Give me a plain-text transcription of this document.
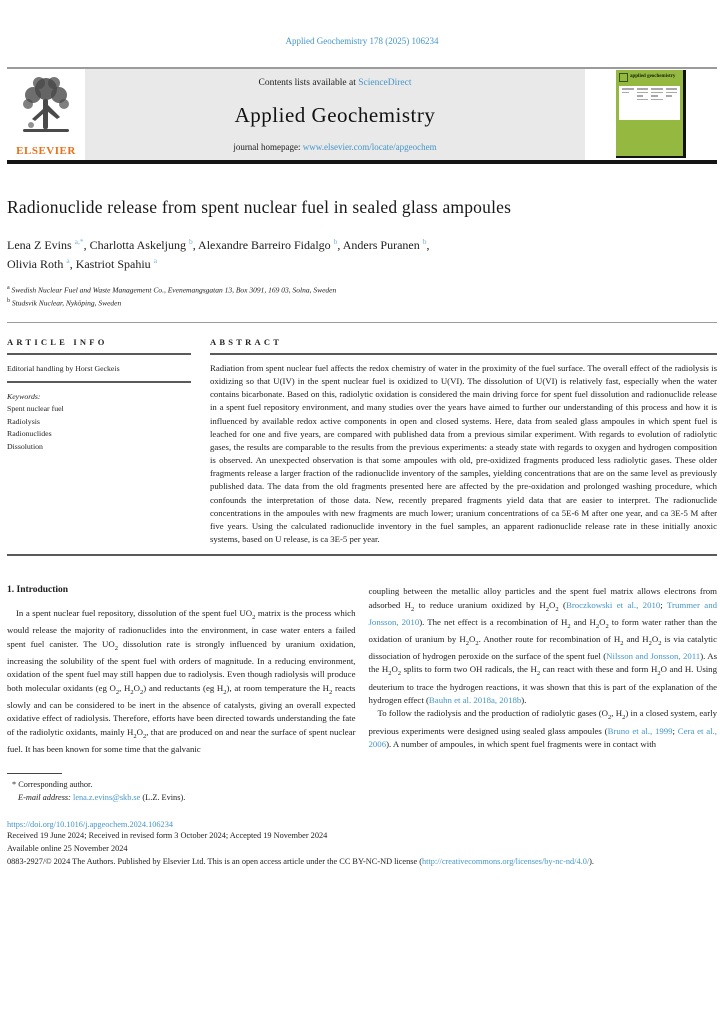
Applied Geochemistry 178 (2025) 106234
ELSEVIER
Contents lists available at ScienceDirect
Applied Geochemistry
journal homepage: www.elsevier.com/locate/apgeochem
applied geochemistry
Radionuclide release from spent nuclear fuel in sealed glass ampoules
Lena Z Evins $^{a,*}$, Charlotta Askeljung $^b$, Alexandre Barreiro Fidalgo $^b$, Anders Puranen $^b$,
Olivia Roth $^a$, Kastriot Spahiu $^a$
$^a$ Swedish Nuclear Fuel and Waste Management Co., Evenemangsgatan 13, Box 3091, 169 03, Solna, Sweden
$^b$ Studsvik Nuclear, Nyköping, Sweden
ARTICLE INFO
Editorial handling by Horst Geckeis
Keywords:
Spent nuclear fuel
Radiolysis
Radionuclides
Dissolution
ABSTRACT

Radiation from spent nuclear fuel affects the redox chemistry of water in the proximity of the fuel surface. The overall effect of the radiolysis is oxidizing so that U(IV) in the spent nuclear fuel is oxidized to U(VI). The dissolution of U(VI) is relatively fast, especially when the water contains bicarbonate. Based on this, radiolytic oxidation is considered the main driving force for spent fuel dissolution and radionuclide release in a spent fuel repository environment, and many studies over the years have aimed to further our understanding of this process and how it is influenced by available redox active components in open and closed systems. Here, data from sealed glass ampoules in which spent fuel is leached for one and five years, are compared with published data from a previous similar experiment. With regards to evolution of radiolytic gases, the results are comparable to the results from the previous experiments: a steady state with regards to oxygen and hydrogen composition is observed. An unexpected observation is that some ampoules with old, pre-oxidized fragments produced less radiolytic gases. These older fragments release a larger fraction of the radionuclide inventory of the samples, yielding concentrations that are on the same level as previously published data. The data from the old fragments presented here are affected by the pre-oxidation and prolonged washing procedure, which confounds the interpretation of those data. New, recently prepared fragments yield data that are easier to interpret. The radionuclide concentrations in the ampoules with new fragments are much lower; uranium concentrations of ca 5E-6 M after one year, and ca 3E-5 M after five years. Using the calculated radionuclide inventory in the fuel samples, an apparent radionuclide release rate in these initially anoxic systems, based on U release, is ca 3E-5 per year.

1. Introduction

In a spent nuclear fuel repository, dissolution of the spent fuel $UO_2$ matrix is the process which would release the majority of radionuclides into the environment, in case water enters a failed spent fuel canister. The $UO_2$ dissolution rate is strongly influenced by uranium oxidation, increasing the solubility of the spent fuel with orders of magnitude. In a reducing environment, oxidation of the spent fuel may still happen due to radiolysis. Even though radiolysis will produce both molecular oxidants (eg $O_2$, $H_2O_2$) and reductants (eg $H_2$), at room temperature the $H_2$ reacts slowly and can be considered to be inert in the absence of catalysts, giving an overall expected oxidative effect of radiolysis. Therefore, efforts have been directed towards understanding the fate of the radiolytic oxidants, mainly $H_2O_2$, that are produced on and near the surface of spent nuclear fuel. It has been known for some time that the galvanic

coupling between the metallic alloy particles and the spent fuel matrix allows electrons from adsorbed $H_2$ to reduce uranium oxidized by $H_2O_2$ (Broczkowski et al., 2010; Trummer and Jonsson, 2010). The net effect is a recombination of $H_2$ and $H_2O_2$ to form water rather than the oxidation of uranium by $H_2O_2$. Another route for recombination of $H_2$ and $H_2O_2$ is via catalytic dissociation of hydrogen peroxide on the surface of the spent fuel (Nilsson and Jonsson, 2011). As the $H_2O_2$ splits to form two OH radicals, the $H_2$ can react with these and form $H_2O$ and H. Using deuterium to trace the hydrogen reactions, it was shown that this is part of the explanation of the hydrogen effect (Bauhn et al. 2018a, 2018b).

To follow the radiolysis and the production of radiolytic gases ($O_2$, $H_2$) in a closed system, early previous experiments were designed using sealed glass ampoules (Bruno et al., 1999; Cera et al., 2006). A number of ampoules, in which spent fuel fragments were in contact with

* Corresponding author.
E-mail address: lena.z.evins@skb.se (L.Z. Evins).
https://doi.org/10.1016/j.apgeochem.2024.106234
Received 19 June 2024; Received in revised form 3 October 2024; Accepted 19 November 2024
Available online 25 November 2024
0883-2927/© 2024 The Authors. Published by Elsevier Ltd. This is an open access article under the CC BY-NC-ND license (http://creativecommons.org/licenses/by-nc-nd/4.0/).
